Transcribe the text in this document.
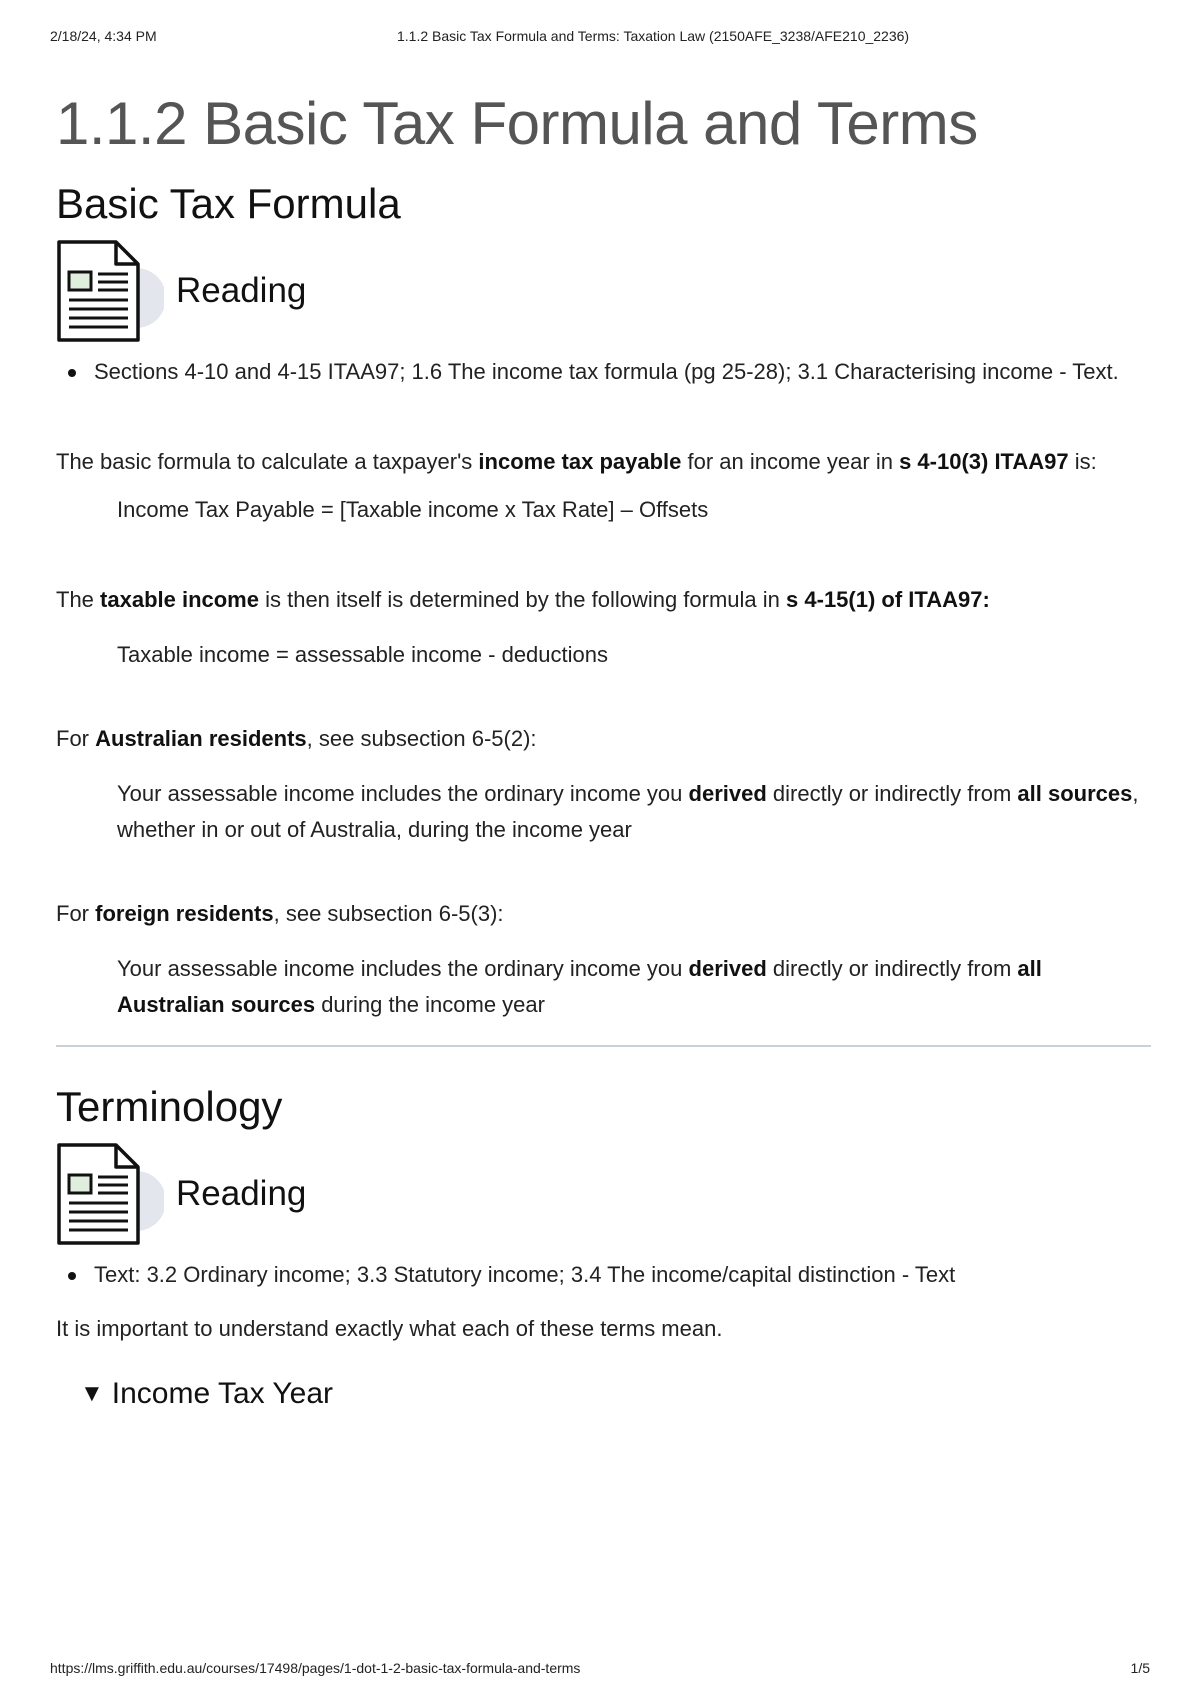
2/18/24, 4:34 PM	1.1.2 Basic Tax Formula and Terms: Taxation Law (2150AFE_3238/AFE210_2236)
1.1.2 Basic Tax Formula and Terms
Basic Tax Formula
Reading
Sections 4-10 and 4-15 ITAA97; 1.6 The income tax formula (pg 25-28); 3.1 Characterising income - Text.

The basic formula to calculate a taxpayer's income tax payable for an income year in s 4-10(3) ITAA97 is:

Income Tax Payable = [Taxable income x Tax Rate] – Offsets

The taxable income is then itself is determined by the following formula in s 4-15(1) of ITAA97:

Taxable income = assessable income - deductions

For Australian residents, see subsection 6-5(2):

Your assessable income includes the ordinary income you derived directly or indirectly from all sources, whether in or out of Australia, during the income year

For foreign residents, see subsection 6-5(3):

Your assessable income includes the ordinary income you derived directly or indirectly from all Australian sources during the income year

Terminology
Reading
Text: 3.2 Ordinary income; 3.3 Statutory income; 3.4 The income/capital distinction - Text

It is important to understand exactly what each of these terms mean.

▼ Income Tax Year
https://lms.griffith.edu.au/courses/17498/pages/1-dot-1-2-basic-tax-formula-and-terms	1/5
